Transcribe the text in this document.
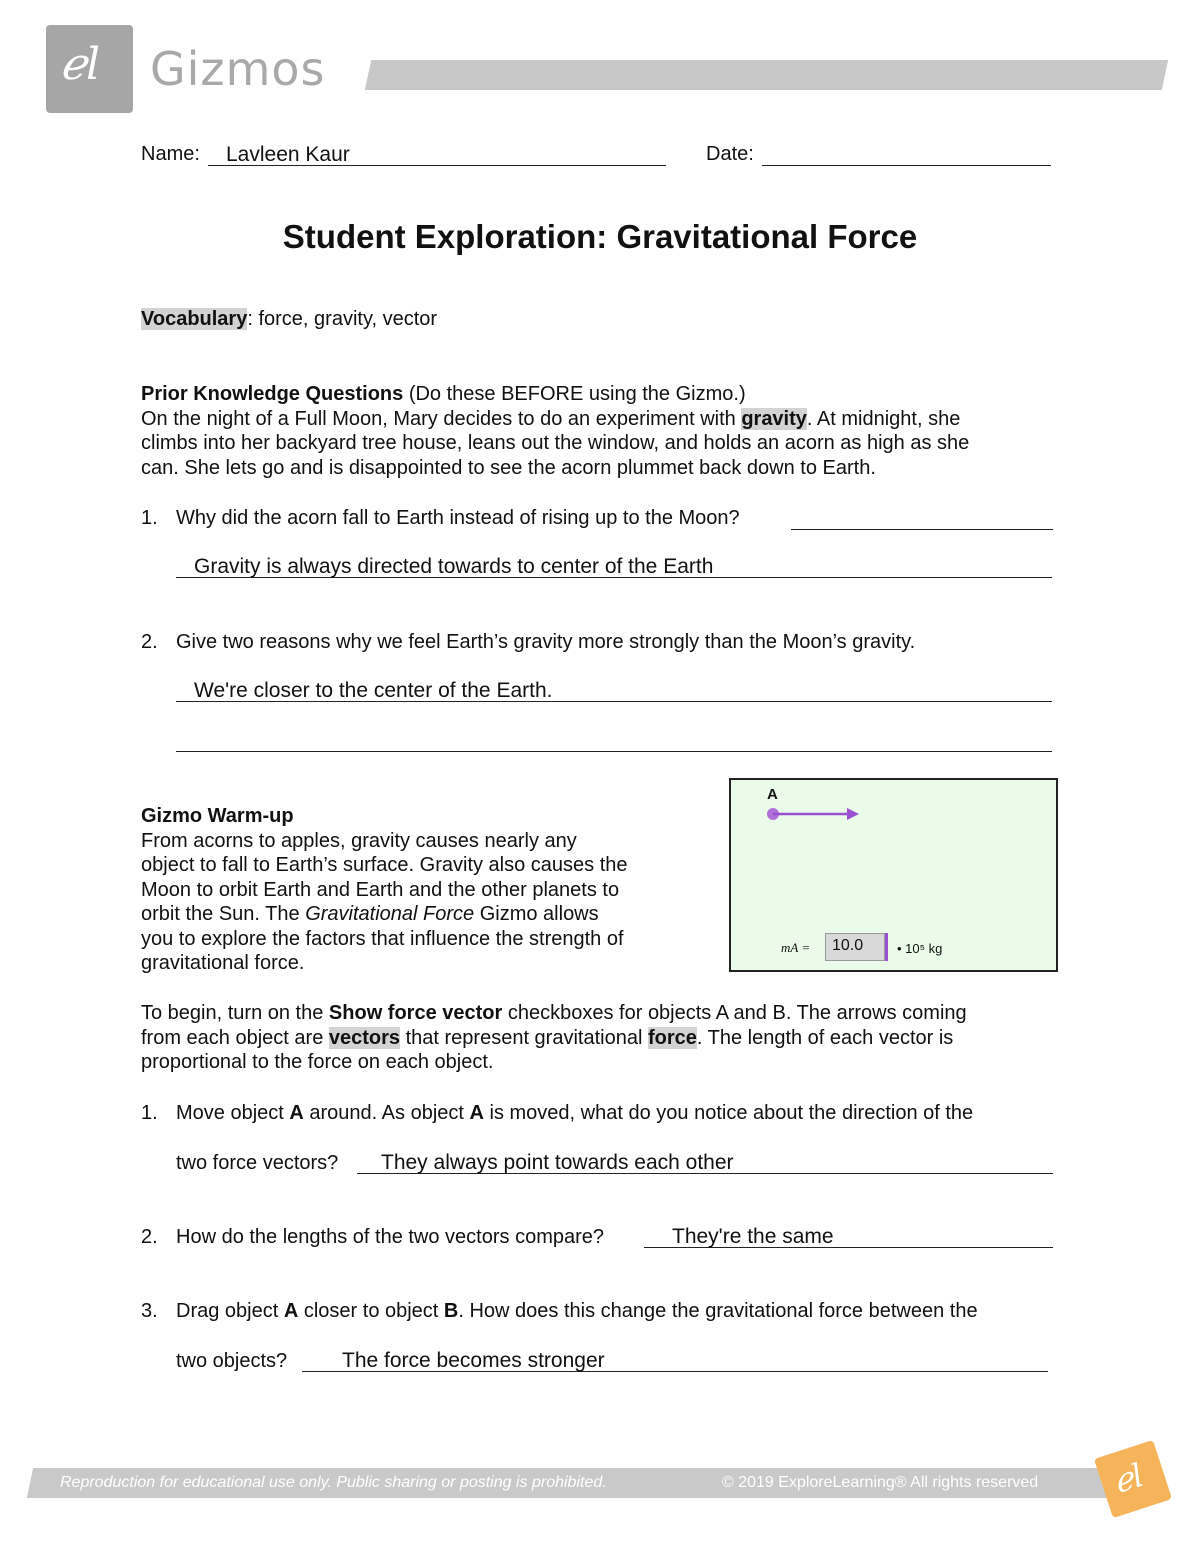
ℯl Gizmos
Name: Lavleen Kaur	Date:
Student Exploration: Gravitational Force
Vocabulary: force, gravity, vector
Prior Knowledge Questions (Do these BEFORE using the Gizmo.)
On the night of a Full Moon, Mary decides to do an experiment with gravity. At midnight, she
climbs into her backyard tree house, leans out the window, and holds an acorn as high as she
can. She lets go and is disappointed to see the acorn plummet back down to Earth.
1. Why did the acorn fall to Earth instead of rising up to the Moon?
Gravity is always directed towards to center of the Earth
2. Give two reasons why we feel Earth’s gravity more strongly than the Moon’s gravity.
We're closer to the center of the Earth.
Gizmo Warm-up
From acorns to apples, gravity causes nearly any
object to fall to Earth’s surface. Gravity also causes the
Moon to orbit Earth and Earth and the other planets to
orbit the Sun. The Gravitational Force Gizmo allows
you to explore the factors that influence the strength of
gravitational force.
A
mA = 10.0	• 10⁵ kg
To begin, turn on the Show force vector checkboxes for objects A and B. The arrows coming
from each object are vectors that represent gravitational force. The length of each vector is
proportional to the force on each object.
1. Move object A around. As object A is moved, what do you notice about the direction of the
two force vectors? They always point towards each other
2. How do the lengths of the two vectors compare?	They're the same
3. Drag object A closer to object B. How does this change the gravitational force between the
two objects?	The force becomes stronger
Reproduction for educational use only. Public sharing or posting is prohibited.	© 2019 ExploreLearning® All rights reserved ℯl
